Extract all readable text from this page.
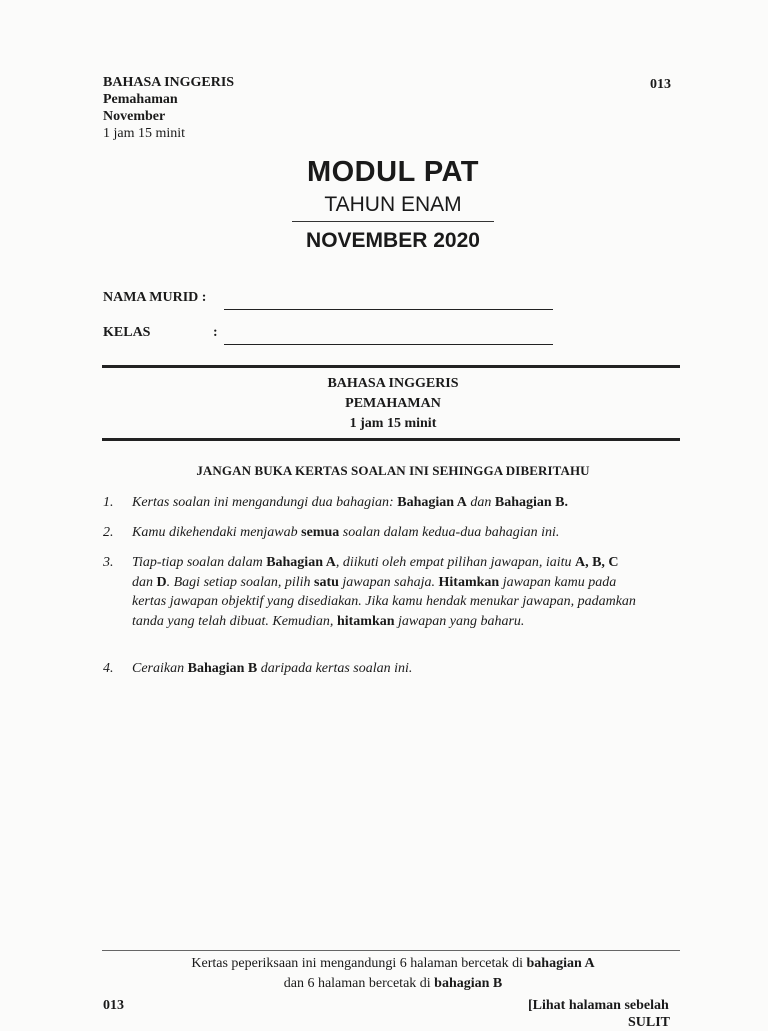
BAHASA INGGERIS
Pemahaman
November
1 jam 15 minit
013
MODUL PAT
TAHUN ENAM
NOVEMBER 2020
NAMA MURID :
KELAS	:
BAHASA INGGERIS
PEMAHAMAN
1 jam 15 minit
JANGAN BUKA KERTAS SOALAN INI SEHINGGA DIBERITAHU
1. Kertas soalan ini mengandungi dua bahagian: Bahagian A dan Bahagian B.
2. Kamu dikehendaki menjawab semua soalan dalam kedua-dua bahagian ini.
3. Tiap-tiap soalan dalam Bahagian A, diikuti oleh empat pilihan jawapan, iaitu A, B, C dan D. Bagi setiap soalan, pilih satu jawapan sahaja. Hitamkan jawapan kamu pada kertas jawapan objektif yang disediakan. Jika kamu hendak menukar jawapan, padamkan tanda yang telah dibuat. Kemudian, hitamkan jawapan yang baharu.
4. Ceraikan Bahagian B daripada kertas soalan ini.
Kertas peperiksaan ini mengandungi 6 halaman bercetak di bahagian A
dan 6 halaman bercetak di bahagian B
013	[Lihat halaman sebelah
SULIT
